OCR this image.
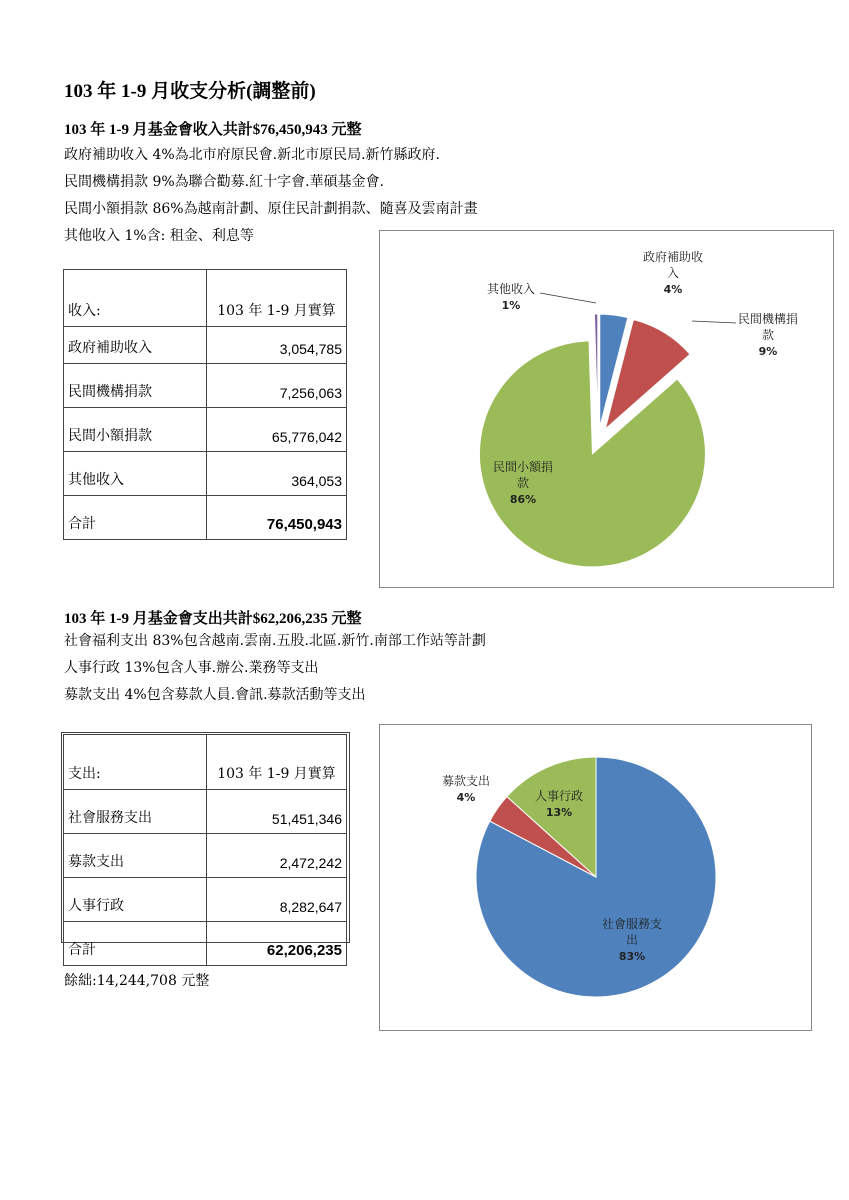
103 年 1-9 月收支分析(調整前)
103 年 1-9 月基金會收入共計$76,450,943 元整
政府補助收入 4%為北市府原民會.新北市原民局.新竹縣政府.
民間機構捐款 9%為聯合勸募.紅十字會.華碩基金會.
民間小額捐款 86%為越南計劃、原住民計劃捐款、隨喜及雲南計畫
其他收入 1%含: 租金、利息等
收入:	103 年 1-9 月實算
政府補助收入	3,054,785
民間機構捐款	7,256,063
民間小額捐款	65,776,042
其他收入	364,053
合計	76,450,943
政府補助收
入
4%
民間機構捐
款
9%
民間小額捐
款
86%
其他收入
1%
103 年 1-9 月基金會支出共計$62,206,235 元整
社會福利支出 83%包含越南.雲南.五股.北區.新竹.南部工作站等計劃
人事行政 13%包含人事.辦公.業務等支出
募款支出 4%包含募款人員.會訊.募款活動等支出
支出:	103 年 1-9 月實算
社會服務支出	51,451,346
募款支出	2,472,242
人事行政	8,282,647
合計	62,206,235
餘絀:14,244,708 元整
社會服務支
出
83%
募款支出
4%	人事行政
13%
